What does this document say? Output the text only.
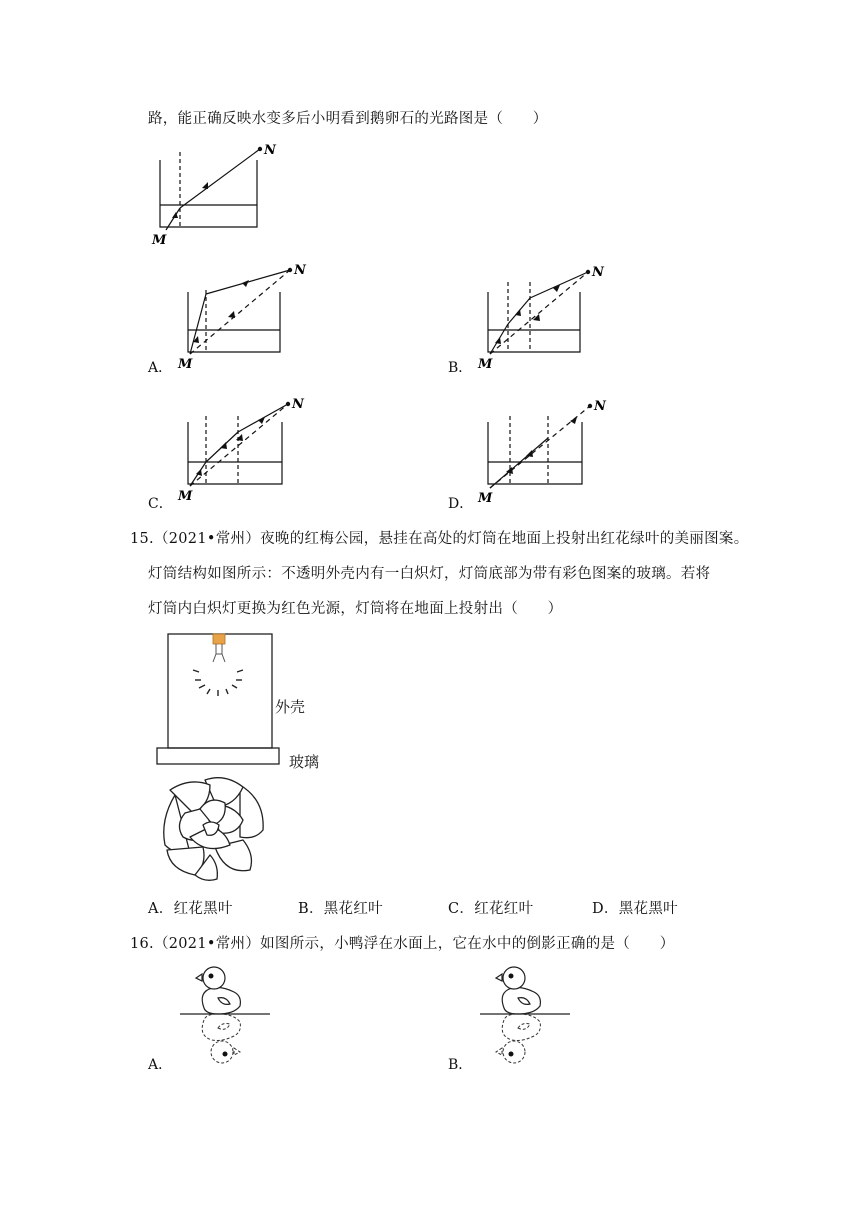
路，能正确反映水变多后小明看到鹅卵石的光路图是（　　）
N
M
N
M
A．
N
M
B．
N
M
C．
N
M
D．
15.（2021•常州）夜晚的红梅公园，悬挂在高处的灯筒在地面上投射出红花绿叶的美丽图案。
灯筒结构如图所示：不透明外壳内有一白炽灯，灯筒底部为带有彩色图案的玻璃。若将
灯筒内白炽灯更换为红色光源，灯筒将在地面上投射出（　　）
外壳
玻璃
A．红花黑叶	B．黑花红叶	C．红花红叶	D．黑花黑叶
16.（2021•常州）如图所示，小鸭浮在水面上，它在水中的倒影正确的是（　　）
A．	B．
